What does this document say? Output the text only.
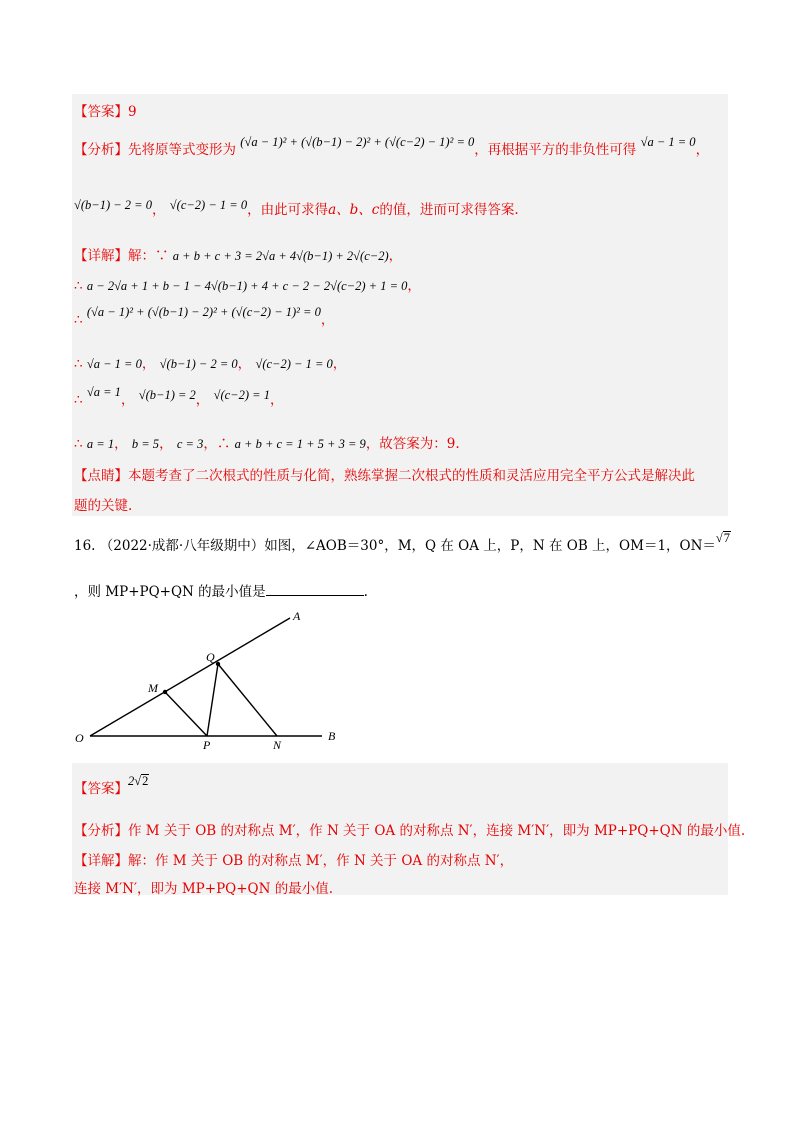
【答案】9
【分析】先将原等式变形为 (√a − 1)² + (√(b−1) − 2)² + (√(c−2) − 1)² = 0，再根据平方的非负性可得 √a − 1 = 0，
√(b−1) − 2 = 0， √(c−2) − 1 = 0，由此可求得a、b、c的值，进而可求得答案.
【详解】解：∵ a + b + c + 3 = 2√a + 4√(b−1) + 2√(c−2)，
∴ a − 2√a + 1 + b − 1 − 4√(b−1) + 4 + c − 2 − 2√(c−2) + 1 = 0，
∴ (√a − 1)² + (√(b−1) − 2)² + (√(c−2) − 1)² = 0，
∴ √a − 1 = 0， √(b−1) − 2 = 0， √(c−2) − 1 = 0，
∴ √a = 1， √(b−1) = 2， √(c−2) = 1，
∴ a = 1， b = 5， c = 3，∴ a + b + c = 1 + 5 + 3 = 9，故答案为：9.
【点睛】本题考查了二次根式的性质与化简，熟练掌握二次根式的性质和灵活应用完全平方公式是解决此
题的关键.
16. （2022·成都·八年级期中）如图，∠AOB＝30°，M，Q 在 OA 上，P，N 在 OB 上，OM＝1，ON＝√7
，则 MP+PQ+QN 的最小值是	.
A
Q
M
O	P	N
B
【答案】2√2
【分析】作 M 关于 OB 的对称点 M′，作 N 关于 OA 的对称点 N′，连接 M′N′，即为 MP+PQ+QN 的最小值.
【详解】解：作 M 关于 OB 的对称点 M′，作 N 关于 OA 的对称点 N′，
连接 M′N′，即为 MP+PQ+QN 的最小值.
